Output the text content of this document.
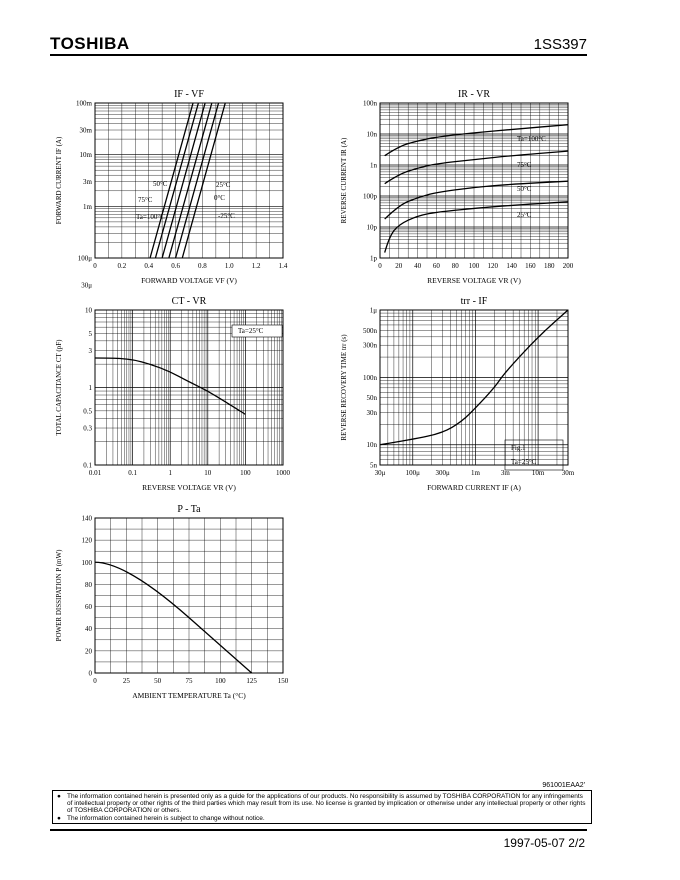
TOSHIBA	1SS397
IF - VF
0	0.2	0.4	0.6	0.8	1.0	1.2	1.4
100μ
30μ
1m
3m
10m
30m
100m
FORWARD VOLTAGE VF (V)
FORWARD CURRENT IF (A)	50°C
75°C
Ta=100°C
25°C
0°C
-25°C
IR - VR
0 20 40 60 80 100 120 140 160 180 200
1p
10p
100p
1n
10n
100n
REVERSE VOLTAGE VR (V)
REVERSE CURRENT IR (A)	Ta=100°C
75°C
50°C
25°C
CT - VR
0.01	0.1	1	10	100	1000
0.1
0.3
0.5
1
3
5
10
REVERSE VOLTAGE VR (V)
TOTAL CAPACITANCE CT (pF)
Ta=25°C
trr - IF
30μ	100μ 300μ	1m	3m	10m 30m
5n
10n
30n
50n
100n
300n
500n
1μ
FORWARD CURRENT IF (A)
REVERSE RECOVERY TIME trr (s)
Fig.1
Ta=25°C
P - Ta
0	25	50	75	100	125	150
0
20
40
60
80
100
120
140
AMBIENT TEMPERATURE Ta (°C)
POWER DISSIPATION P (mW)
961001EAA2'
● The information contained herein is presented only as a guide for the applications of our products. No responsibility is assumed by TOSHIBA CORPORATION for any infringements of intellectual property or other rights of the third parties which may result from its use. No license is granted by implication or otherwise under any intellectual property or other rights of TOSHIBA CORPORATION or others.
● The information contained herein is subject to change without notice.
1997-05-07 2/2
